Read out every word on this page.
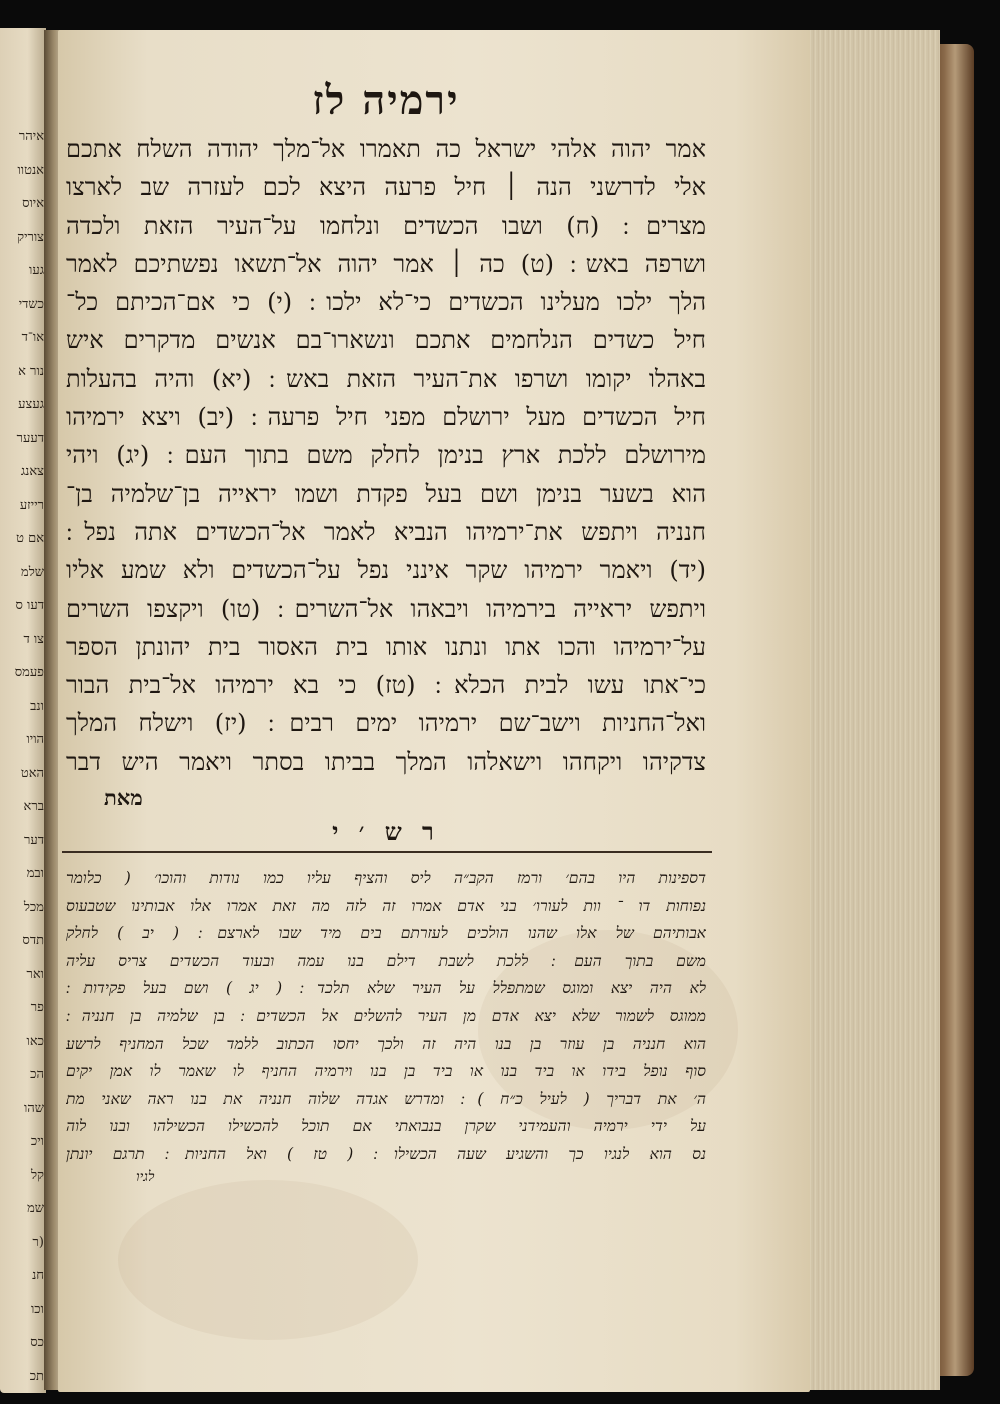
איהר
אנטוו
איוס
צוריק
געו
כשדי
או־ד
נור א
געצע
דעער
צאנג
רייזע
אם ט
שלמ
דעו ס
צו ד
פעמס
ונב
הויו
האט
ברא
דער
ובמ
מכל
תדס
ואר
פר
כאו
הכ
שהו
ויכ
קל
שמ
(ר
חנ
וכו
כס
תכ
ירמיה לז
אמר יהוה אלהי ישראל כה תאמרו אל־מלך יהודה השלח אתכם
אלי לדרשני הנה ׀ חיל פרעה היצא לכם לעזרה שב לארצו
מצרים ׃ (ח) ושבו הכשדים ונלחמו על־העיר הזאת ולכדה
ושרפה באש ׃ (ט) כה ׀ אמר יהוה אל־תשאו נפשתיכם לאמר
הלך ילכו מעלינו הכשדים כי־לא ילכו ׃ (י) כי אם־הכיתם כל־
חיל כשדים הנלחמים אתכם ונשארו־בם אנשים מדקרים איש
באהלו יקומו ושרפו את־העיר הזאת באש ׃ (יא) והיה בהעלות
חיל הכשדים מעל ירושלם מפני חיל פרעה ׃ (יב) ויצא ירמיהו
מירושלם ללכת ארץ בנימן לחלק משם בתוך העם ׃ (יג) ויהי
הוא בשער בנימן ושם בעל פקדת ושמו יראייה בן־שלמיה בן־
חנניה ויתפש את־ירמיהו הנביא לאמר אל־הכשדים אתה נפל ׃
(יד) ויאמר ירמיהו שקר אינני נפל על־הכשדים ולא שמע אליו
ויתפש יראייה בירמיהו ויבאהו אל־השרים ׃ (טו) ויקצפו השרים
על־ירמיהו והכו אתו ונתנו אותו בית האסור בית יהונתן הספר
כי־אתו עשו לבית הכלא ׃ (טז) כי בא ירמיהו אל־בית הבור
ואל־החניות וישב־שם ירמיהו ימים רבים ׃ (יז) וישלח המלך
צדקיהו ויקחהו וישאלהו המלך בביתו בסתר ויאמר היש דבר
מאת
ר ש ׳ י
דספינות היו בהם׳ ורמז הקב״ה ליס והציף עליו כמו נודות והוכו׳ ( כלומר
נפוחות דו ־ וות לעורו׳ בני אדם אמרו זה לזה מה זאת אמרו אלו אבותינו שטבעוס
אבותיהם של אלו שהנו הולכים לעזרתם בים מיד שבו לארצם ׃ ( יב ) לחלק
משם בתוך העם ׃ ללכת לשבת דילם בנו עמה ובעוד הכשדים צריס עליה
לא היה יצא ומוגס שמתפלל על העיר שלא תלכד ׃ ( יג ) ושם בעל פקידות ׃
ממוגס לשמור שלא יצא אדם מן העיר להשלים אל הכשדים ׃ בן שלמיה בן חנניה ׃
הוא חנניה בן עוזר בן בנו היה זה ולכך יחסו הכתוב ללמד שכל המחניף לרשע
סוף נופל בידו או ביד בנו או ביד בן בנו וירמיה החניף לו שאמר לו אמן יקים
ה׳ את דבריך ( לעיל כ״ח ) ׃ ומדרש אגדה שלוה חנניה את בנו ראה שאני מת
על ידי ירמיה והעמידני שקרן בנבואתי אם תוכל להכשילו הכשילהו ובנו לוה
נס הוא לנגיו כך והשגיע שעה הכשילו ׃ ( טז ) ואל החניות ׃ תרגם יונתן
לגיו
